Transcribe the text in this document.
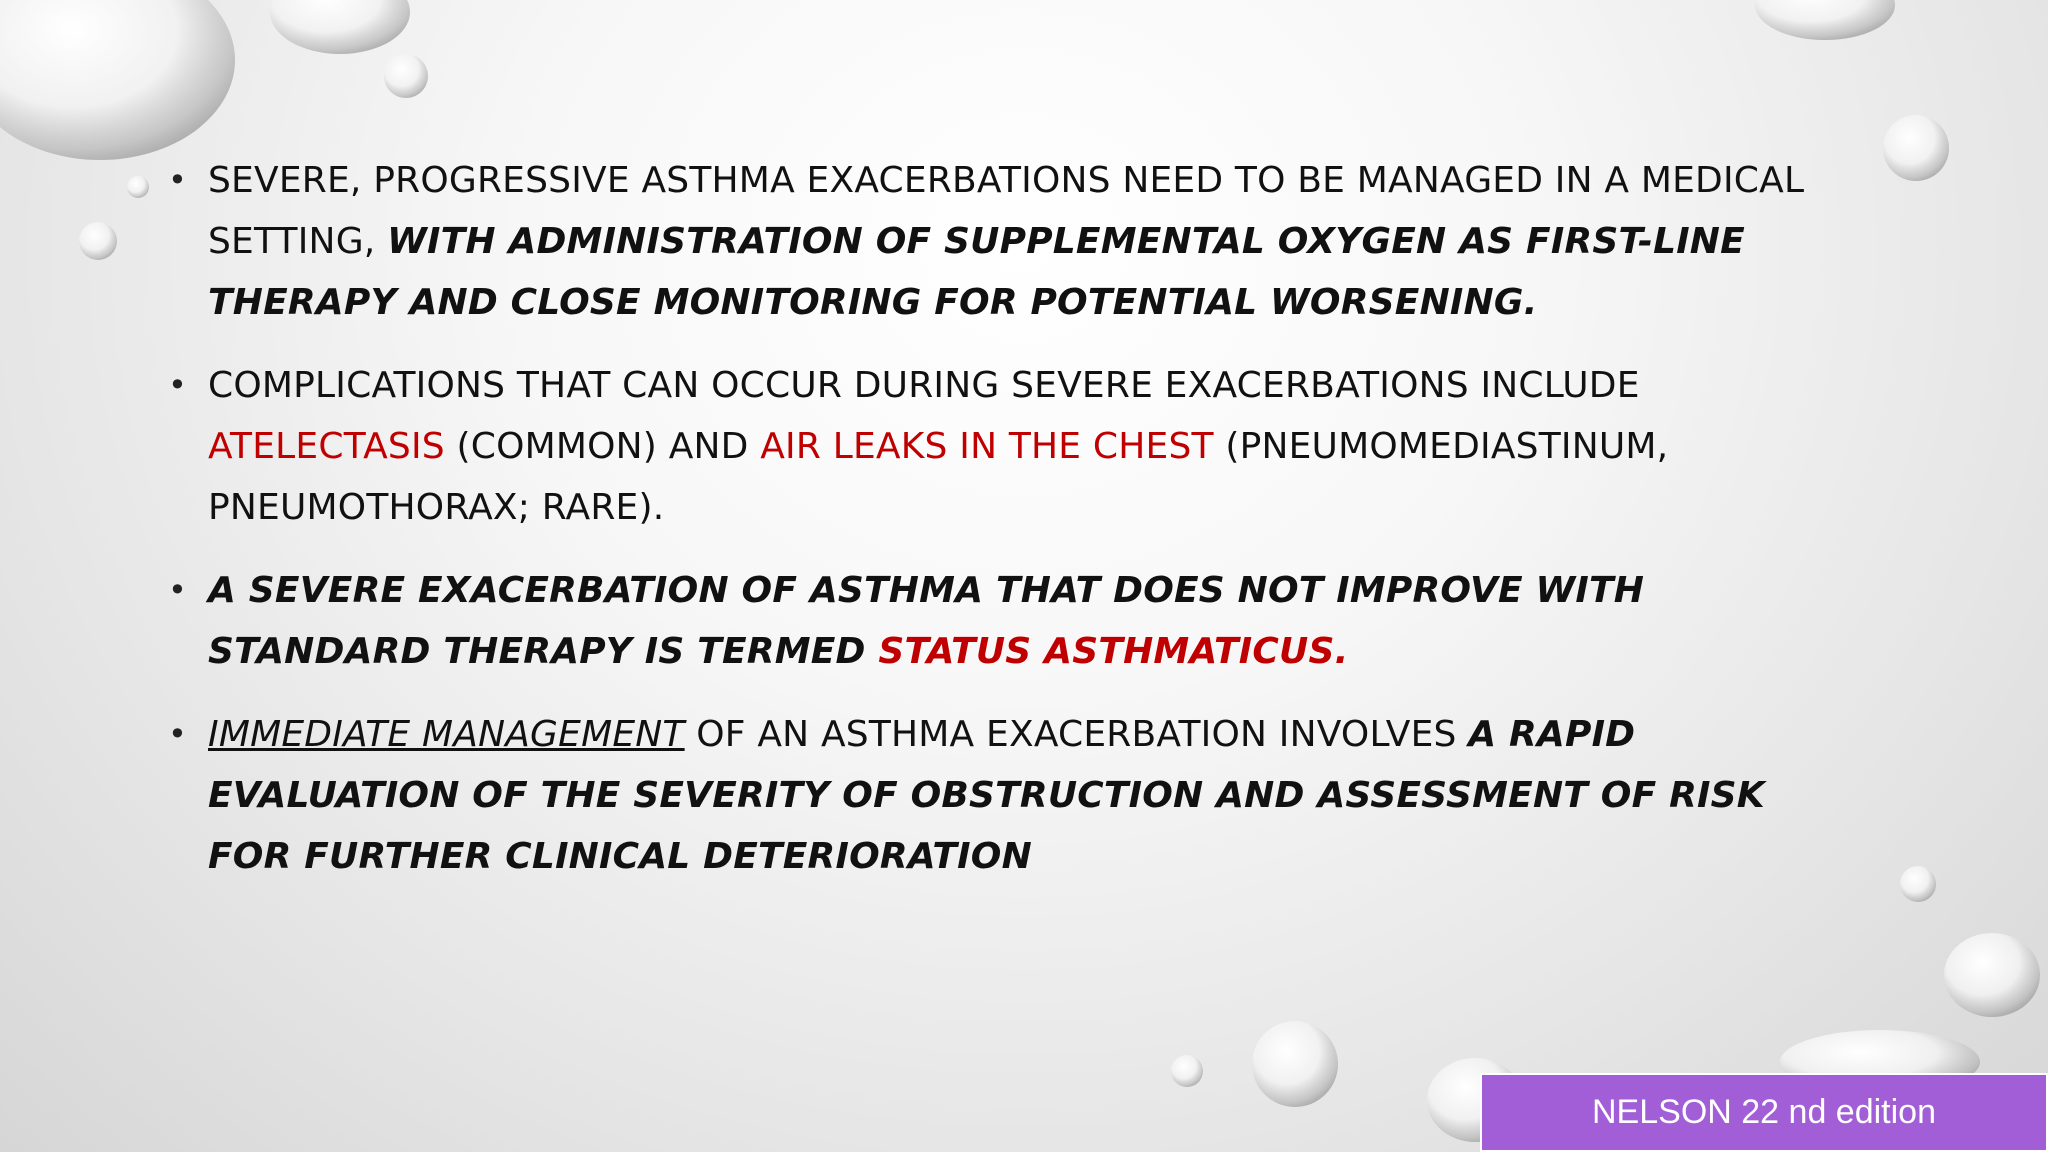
• SEVERE, PROGRESSIVE ASTHMA EXACERBATIONS NEED TO BE MANAGED IN A MEDICAL SETTING, WITH ADMINISTRATION OF SUPPLEMENTAL OXYGEN AS FIRST-LINE THERAPY AND CLOSE MONITORING FOR POTENTIAL WORSENING.
• COMPLICATIONS THAT CAN OCCUR DURING SEVERE EXACERBATIONS INCLUDE ATELECTASIS (COMMON) AND AIR LEAKS IN THE CHEST (PNEUMOMEDIASTINUM, PNEUMOTHORAX; RARE).
• A SEVERE EXACERBATION OF ASTHMA THAT DOES NOT IMPROVE WITH STANDARD THERAPY IS TERMED STATUS ASTHMATICUS.
• IMMEDIATE MANAGEMENT OF AN ASTHMA EXACERBATION INVOLVES A RAPID EVALUATION OF THE SEVERITY OF OBSTRUCTION AND ASSESSMENT OF RISK FOR FURTHER CLINICAL DETERIORATION
NELSON 22 nd edition
